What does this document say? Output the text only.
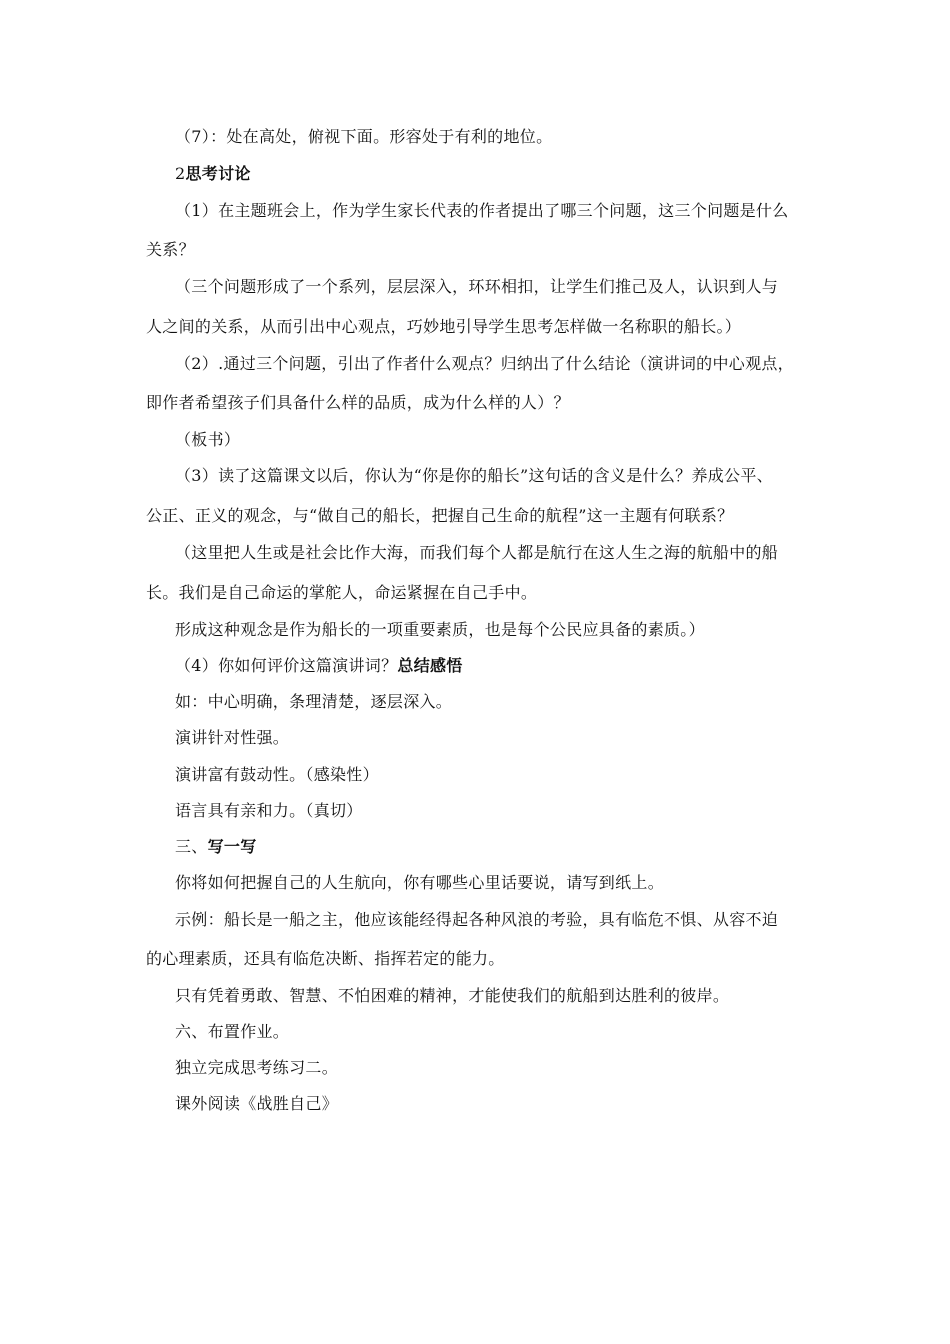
（7）：处在高处，俯视下面。形容处于有利的地位。
2思考讨论
（1）在主题班会上，作为学生家长代表的作者提出了哪三个问题，这三个问题是什么
关系？
（三个问题形成了一个系列，层层深入，环环相扣，让学生们推己及人，认识到人与
人之间的关系，从而引出中心观点，巧妙地引导学生思考怎样做一名称职的船长。）
（2）.通过三个问题，引出了作者什么观点？归纳出了什么结论（演讲词的中心观点，
即作者希望孩子们具备什么样的品质，成为什么样的人）？
（板书）
（3）读了这篇课文以后，你认为“你是你的船长”这句话的含义是什么？养成公平、
公正、正义的观念，与“做自己的船长，把握自己生命的航程”这一主题有何联系？
（这里把人生或是社会比作大海，而我们每个人都是航行在这人生之海的航船中的船
长。我们是自己命运的掌舵人，命运紧握在自己手中。
形成这种观念是作为船长的一项重要素质，也是每个公民应具备的素质。）
（4）你如何评价这篇演讲词？总结感悟
如：中心明确，条理清楚，逐层深入。
演讲针对性强。
演讲富有鼓动性。（感染性）
语言具有亲和力。（真切）
三、写一写
你将如何把握自己的人生航向，你有哪些心里话要说，请写到纸上。
示例：船长是一船之主，他应该能经得起各种风浪的考验，具有临危不惧、从容不迫
的心理素质，还具有临危决断、指挥若定的能力。
只有凭着勇敢、智慧、不怕困难的精神，才能使我们的航船到达胜利的彼岸。
六、布置作业。
独立完成思考练习二。
课外阅读《战胜自己》
